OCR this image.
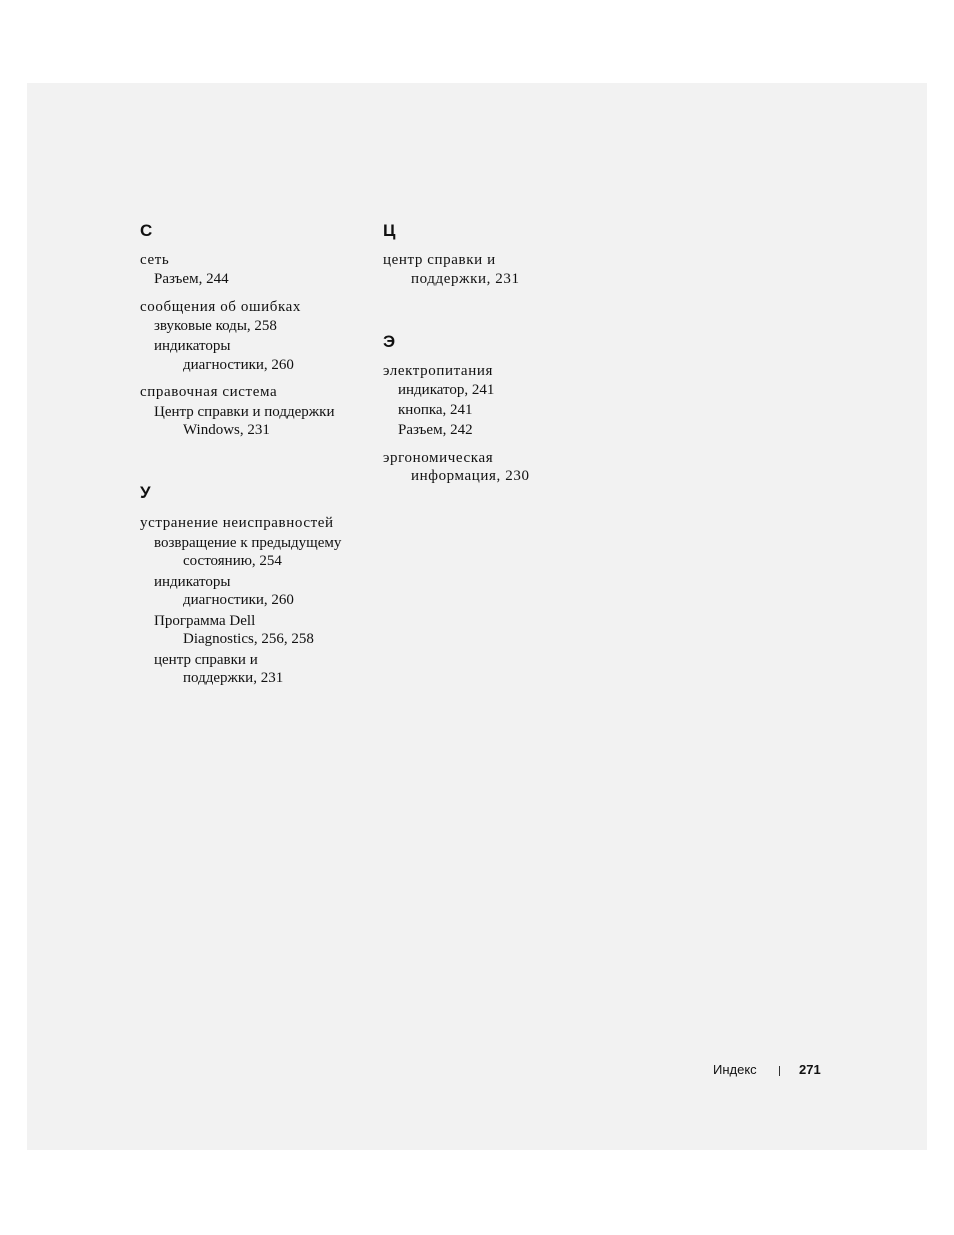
С
сеть
Разъем, 244
сообщения об ошибках
звуковые коды, 258
индикаторы
диагностики, 260
справочная система
Центр справки и поддержки
Windows, 231
У
устранение неисправностей
возвращение к предыдущему
состоянию, 254
индикаторы
диагностики, 260
Программа Dell
Diagnostics, 256, 258
центр справки и
поддержки, 231
Ц
центр справки и
поддержки, 231
Э
электропитания
индикатор, 241
кнопка, 241
Разъем, 242
эргономическая
информация, 230
Индекс	271
